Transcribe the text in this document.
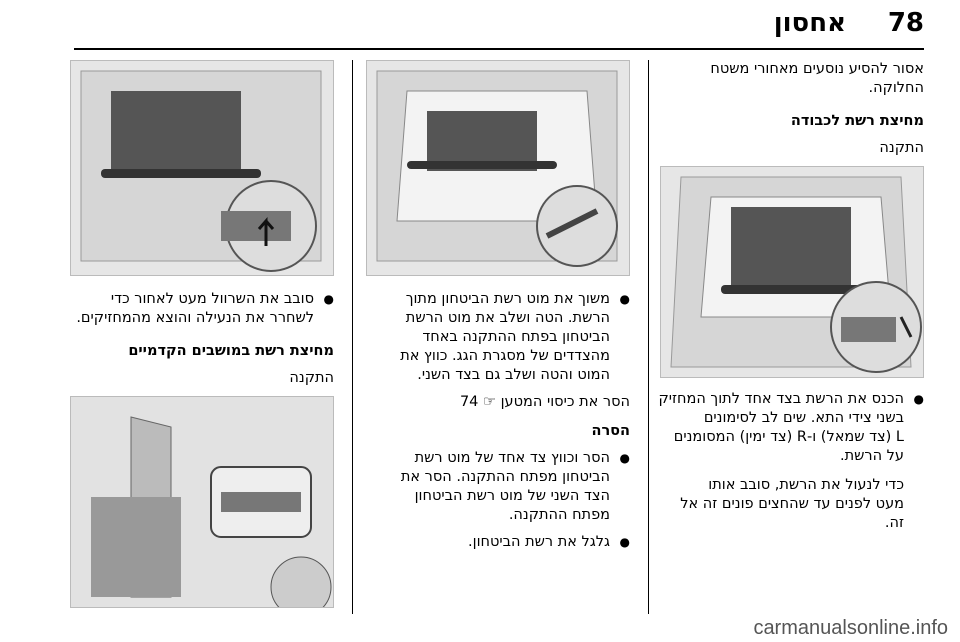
אחסון 78

אסור להסיע נוסעים מאחורי משטח החלוקה.

מחיצת רשת לכבודה

התקנה

● הכנס את הרשת בצד אחד לתוך המחזיק

בשני צידי התא. שים לב לסימונים

L (צד שמאל) ו-R (צד ימין) המסומנים

על הרשת.

כדי לנעול את הרשת, סובב אותו

מעט לפנים עד שהחצים פונים זה אל

זה.

● משוך את מוט רשת הביטחון מתוך

הרשת. הטה ושלב את מוט הרשת

הביטחון בפתח ההתקנה באחד

מהצדדים של מסגרת הגג. כווץ את

המוט והטה ושלב גם בצד השני.

הסר את כיסוי המטען ☞ 74

הסרה

● הסר וכווץ צד אחד של מוט רשת

הביטחון מפתח ההתקנה. הסר את

הצד השני של מוט רשת הביטחון

מפתח ההתקנה.

● גלגל את רשת הביטחון.

● סובב את השרוול מעט לאחור כדי

לשחרר את הנעילה והוצא מהמחזיקים.

מחיצת רשת במושבים הקדמיים

התקנה

carmanualsonline.info
